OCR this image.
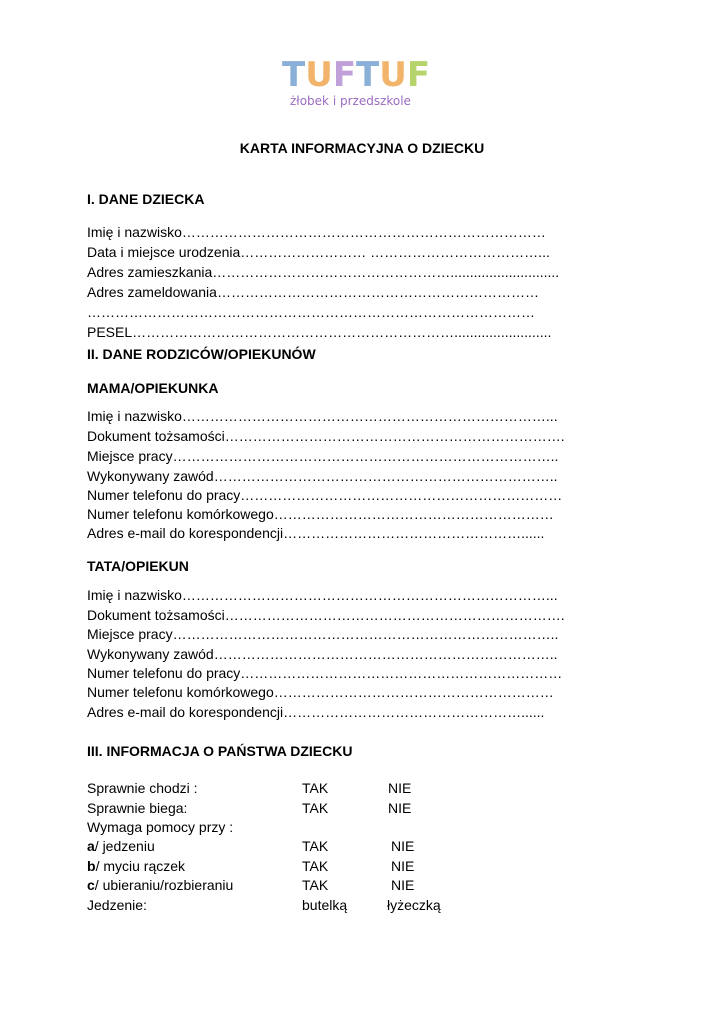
T U F T U F
żłobek i przedszkole
KARTA INFORMACYJNA O DZIECKU
I. DANE DZIECKA
Imię i nazwisko……………………………………………………………………
Data i miejsce urodzenia……………………… ………………………………...
Adres zamieszkania……………………………………………............................
Adres zameldowania……………………………………………………………
……………………………………………………………………………………
PESEL…………………………………………………………….........................
II. DANE RODZICÓW/OPIEKUNÓW
MAMA/OPIEKUNKA
Imię i nazwisko……………………………………………………………………...
Dokument tożsamości……………………………………………………………….
Miejsce pracy………………………………………………………………………..
Wykonywany zawód………………………………………………………………..
Numer telefonu do pracy……………………………………………………………
Numer telefonu komórkowego……………………………………………………
Adres e-mail do korespondencji……………………………………………......
TATA/OPIEKUN
Imię i nazwisko……………………………………………………………………...
Dokument tożsamości……………………………………………………………….
Miejsce pracy………………………………………………………………………..
Wykonywany zawód………………………………………………………………..
Numer telefonu do pracy……………………………………………………………
Numer telefonu komórkowego……………………………………………………
Adres e-mail do korespondencji……………………………………………......
III. INFORMACJA O PAŃSTWA DZIECKU
Sprawnie chodzi :	TAK	NIE
Sprawnie biega:	TAK	NIE
Wymaga pomocy przy :
a/ jedzeniu	TAK	NIE
b/ myciu rączek	TAK	NIE
c/ ubieraniu/rozbieraniu	TAK	NIE
Jedzenie:	butelką	łyżeczką
